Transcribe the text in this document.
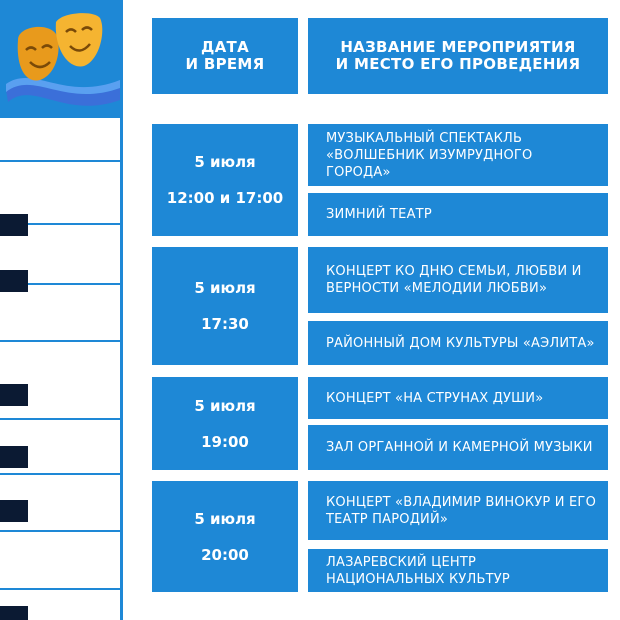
ДАТА
И ВРЕМЯ
НАЗВАНИЕ МЕРОПРИЯТИЯ
И МЕСТО ЕГО ПРОВЕДЕНИЯ
5 июля
12:00 и 17:00
МУЗЫКАЛЬНЫЙ СПЕКТАКЛЬ «ВОЛШЕБНИК ИЗУМРУДНОГО ГОРОДА»
ЗИМНИЙ ТЕАТР
5 июля
17:30
КОНЦЕРТ КО ДНЮ СЕМЬИ, ЛЮБВИ И ВЕРНОСТИ «МЕЛОДИИ ЛЮБВИ»
РАЙОННЫЙ ДОМ КУЛЬТУРЫ «АЭЛИТА»
5 июля
19:00
КОНЦЕРТ «НА СТРУНАХ ДУШИ»
ЗАЛ ОРГАННОЙ И КАМЕРНОЙ МУЗЫКИ
5 июля
20:00
КОНЦЕРТ «ВЛАДИМИР ВИНОКУР И ЕГО ТЕАТР ПАРОДИЙ»
ЛАЗАРЕВСКИЙ ЦЕНТР НАЦИОНАЛЬНЫХ КУЛЬТУР
